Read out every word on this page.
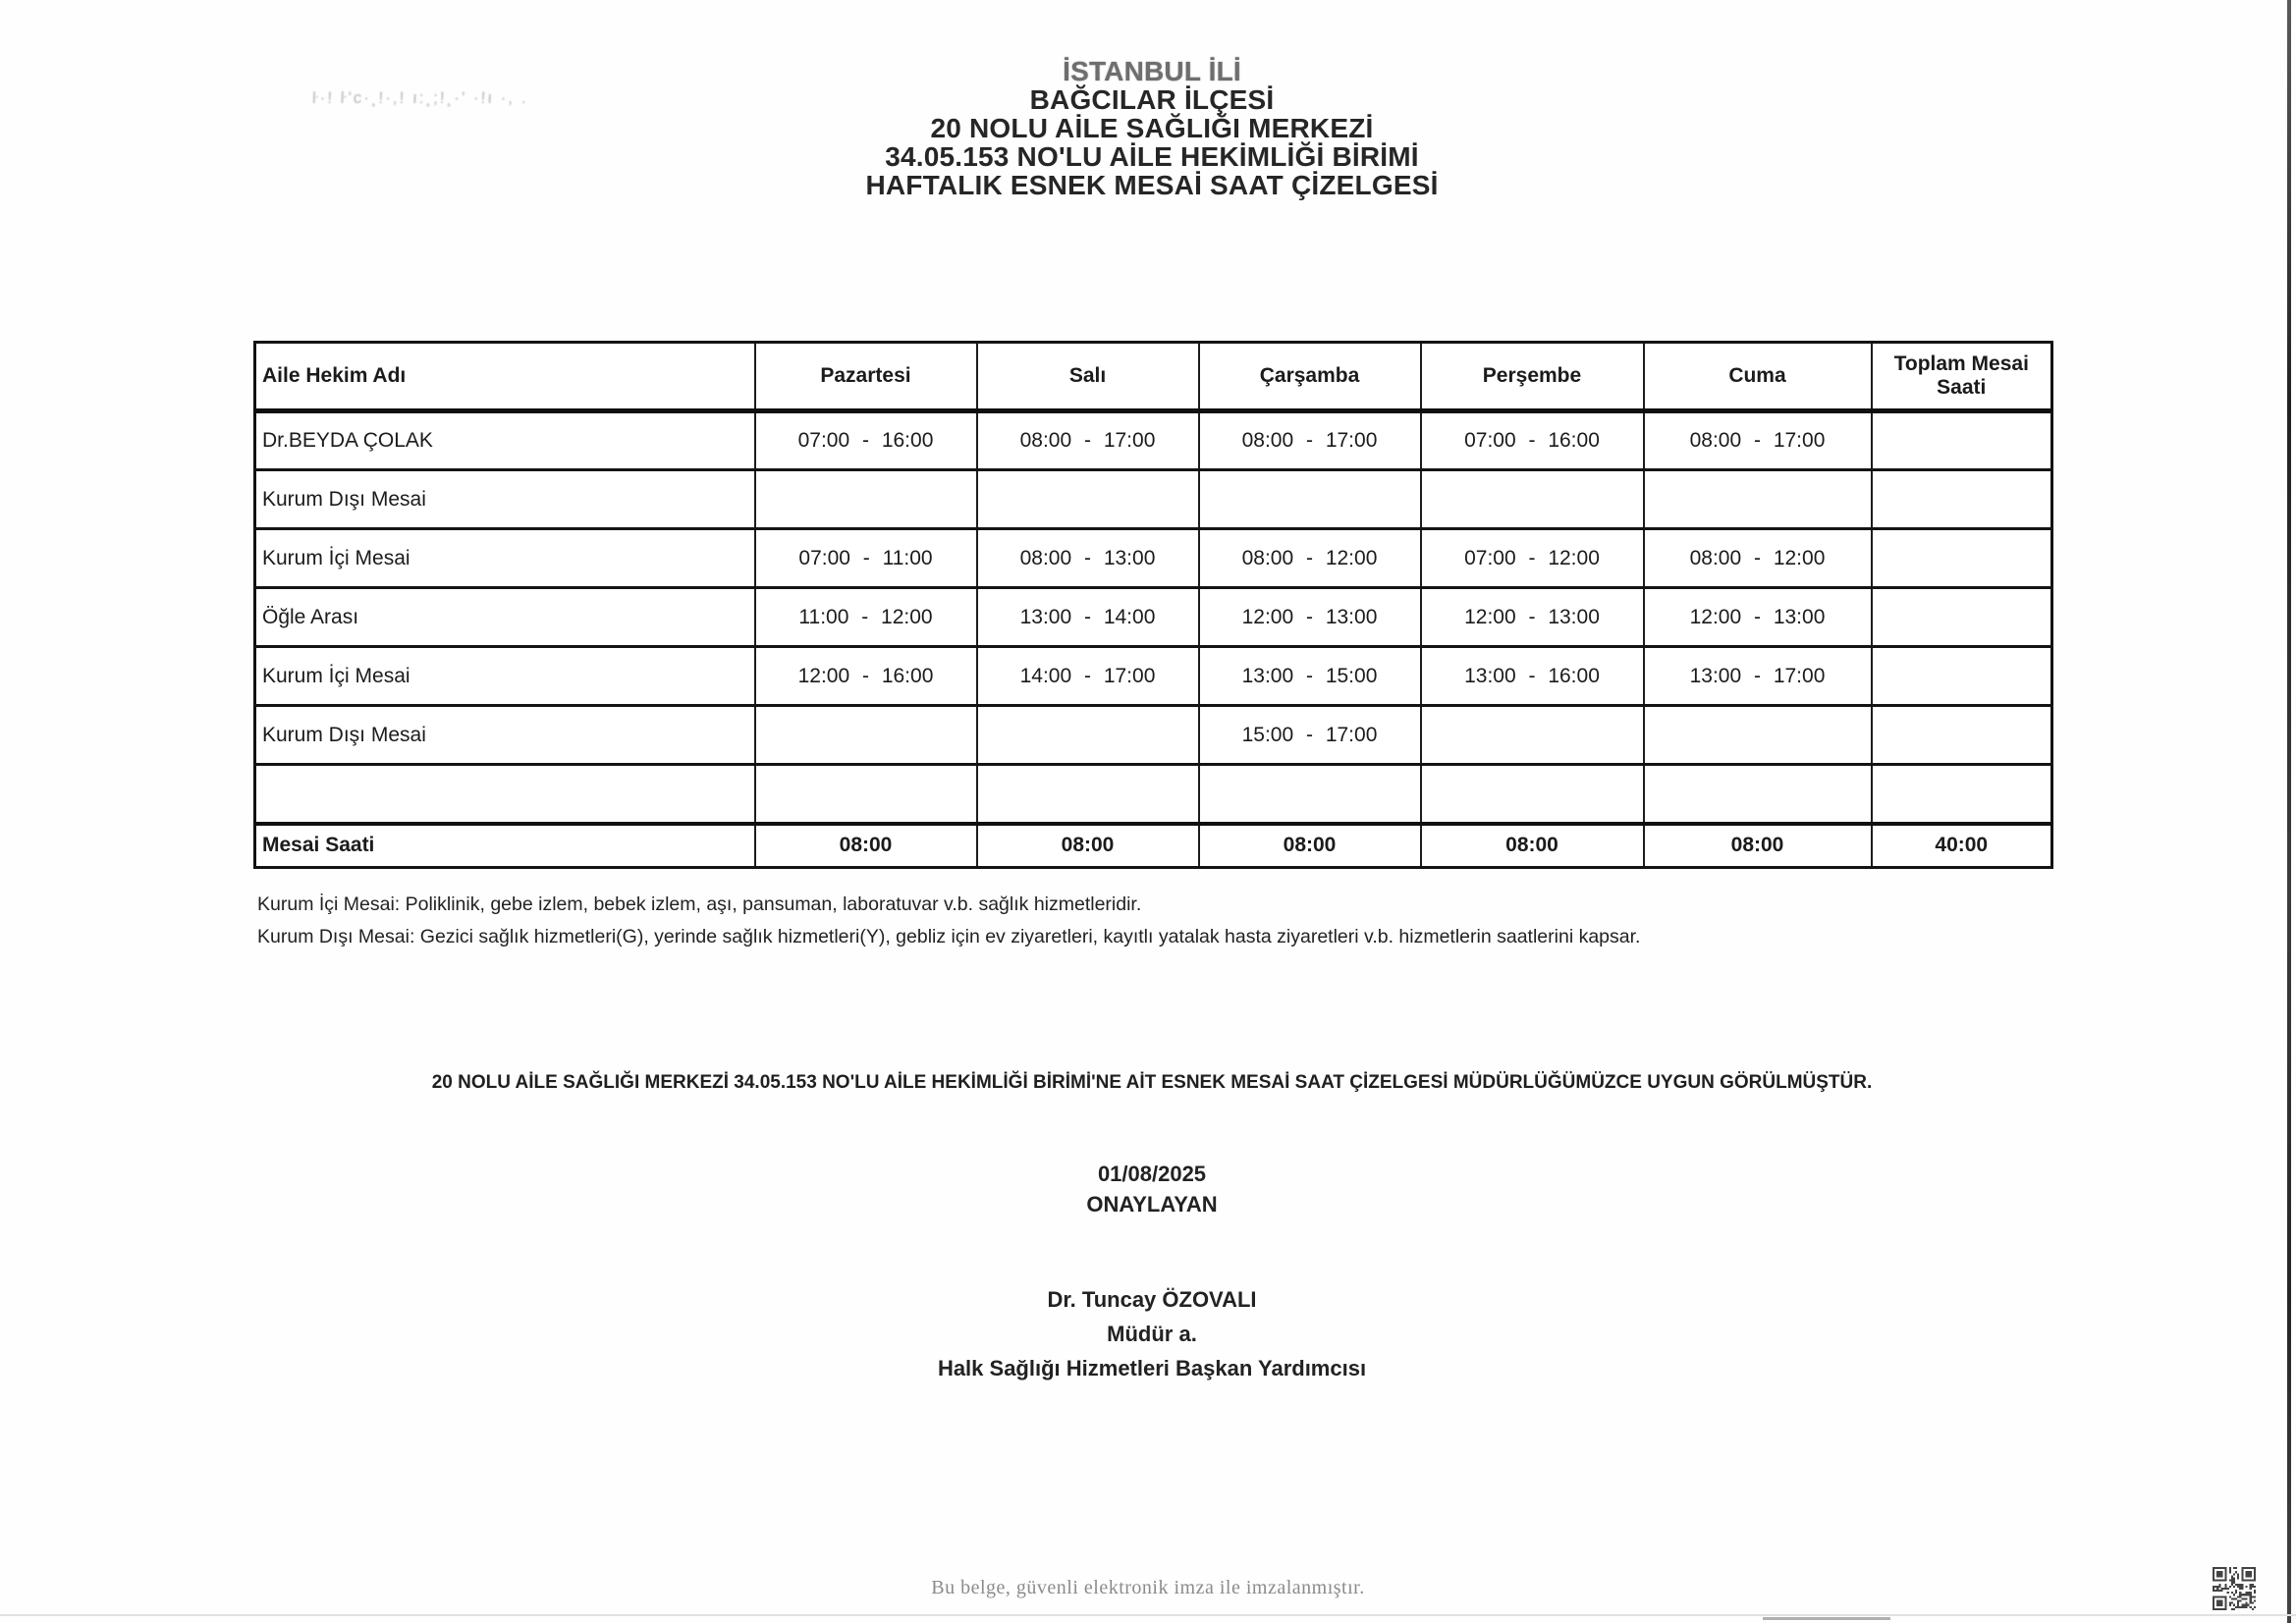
ŀ·! ŀ'c·¸!·,! ı:¸;!¸·' ·!ı ·, .
İSTANBUL İLİ
BAĞCILAR İLÇESİ
20 NOLU AİLE SAĞLIĞI MERKEZİ
34.05.153 NO'LU AİLE HEKİMLİĞİ BİRİMİ
HAFTALIK ESNEK MESAİ SAAT ÇİZELGESİ
Aile Hekim Adı	Pazartesi	Salı	Çarşamba	Perşembe	Cuma	Toplam Mesai Saati
Dr.BEYDA ÇOLAK	07:00 - 16:00	08:00 - 17:00	08:00 - 17:00	07:00 - 16:00	08:00 - 17:00	
Kurum Dışı Mesai						
Kurum İçi Mesai	07:00 - 11:00	08:00 - 13:00	08:00 - 12:00	07:00 - 12:00	08:00 - 12:00	
Öğle Arası	11:00 - 12:00	13:00 - 14:00	12:00 - 13:00	12:00 - 13:00	12:00 - 13:00	
Kurum İçi Mesai	12:00 - 16:00	14:00 - 17:00	13:00 - 15:00	13:00 - 16:00	13:00 - 17:00	
Kurum Dışı Mesai			15:00 - 17:00			

Mesai Saati	08:00	08:00	08:00	08:00	08:00	40:00
Kurum İçi Mesai: Poliklinik, gebe izlem, bebek izlem, aşı, pansuman, laboratuvar v.b. sağlık hizmetleridir.
Kurum Dışı Mesai: Gezici sağlık hizmetleri(G), yerinde sağlık hizmetleri(Y), gebliz için ev ziyaretleri, kayıtlı yatalak hasta ziyaretleri v.b. hizmetlerin saatlerini kapsar.
20 NOLU AİLE SAĞLIĞI MERKEZİ 34.05.153 NO'LU AİLE HEKİMLİĞİ BİRİMİ'NE AİT ESNEK MESAİ SAAT ÇİZELGESİ MÜDÜRLÜĞÜMÜZCE UYGUN GÖRÜLMÜŞTÜR.
01/08/2025
ONAYLAYAN
Dr. Tuncay ÖZOVALI
Müdür a.
Halk Sağlığı Hizmetleri Başkan Yardımcısı
Bu belge, güvenli elektronik imza ile imzalanmıştır.
